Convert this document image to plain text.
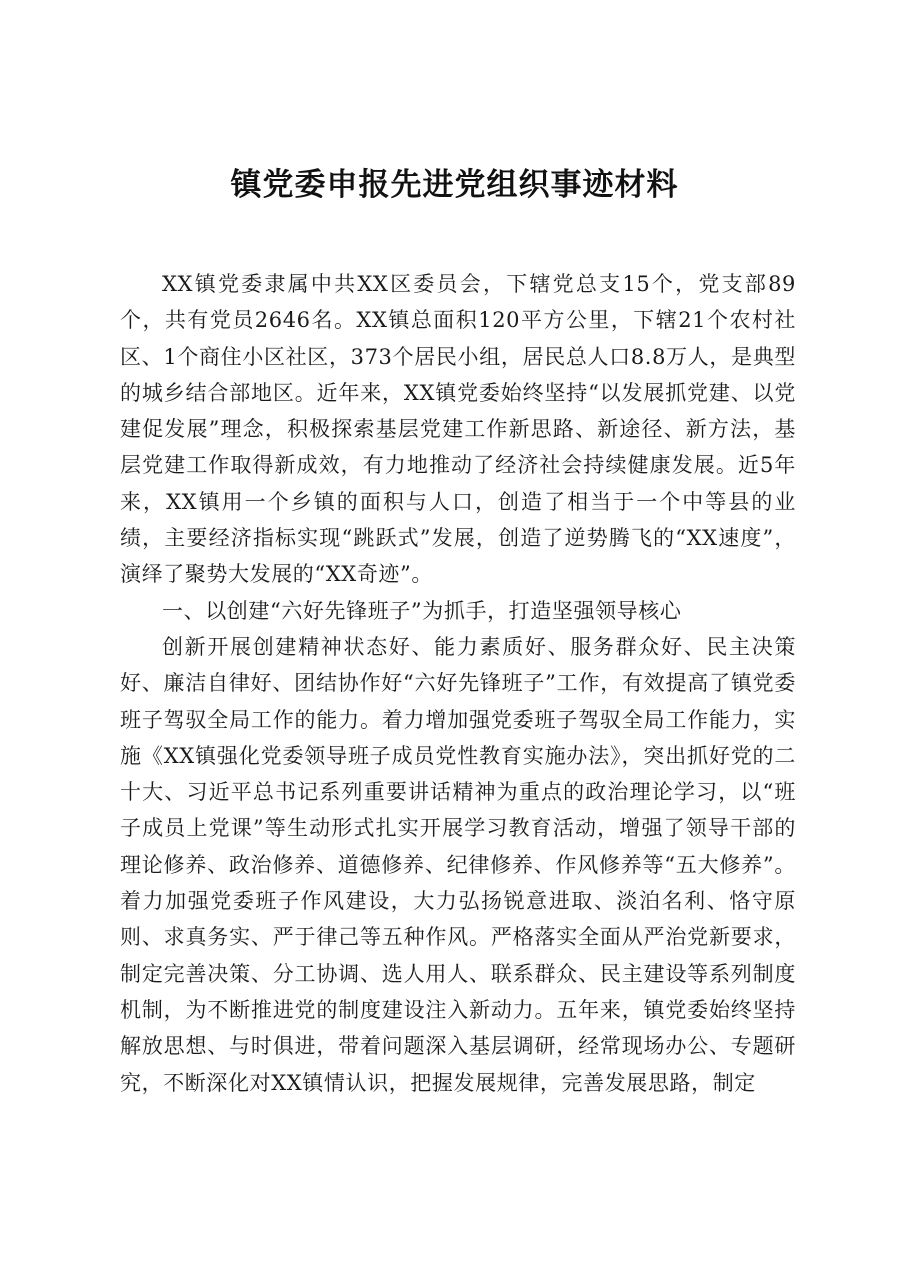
镇党委申报先进党组织事迹材料

XX镇党委隶属中共XX区委员会，下辖党总支15个，党支部89个，共有党员2646名。XX镇总面积120平方公里，下辖21个农村社区、1个商住小区社区，373个居民小组，居民总人口8.8万人，是典型的城乡结合部地区。近年来，XX镇党委始终坚持“以发展抓党建、以党建促发展”理念，积极探索基层党建工作新思路、新途径、新方法，基层党建工作取得新成效，有力地推动了经济社会持续健康发展。近5年来，XX镇用一个乡镇的面积与人口，创造了相当于一个中等县的业绩，主要经济指标实现“跳跃式”发展，创造了逆势腾飞的“XX速度”，演绎了聚势大发展的“XX奇迹”。

一、以创建“六好先锋班子”为抓手，打造坚强领导核心

创新开展创建精神状态好、能力素质好、服务群众好、民主决策好、廉洁自律好、团结协作好“六好先锋班子”工作，有效提高了镇党委班子驾驭全局工作的能力。着力增加强党委班子驾驭全局工作能力，实施《XX镇强化党委领导班子成员党性教育实施办法》，突出抓好党的二十大、习近平总书记系列重要讲话精神为重点的政治理论学习，以“班子成员上党课”等生动形式扎实开展学习教育活动，增强了领导干部的理论修养、政治修养、道德修养、纪律修养、作风修养等“五大修养”。着力加强党委班子作风建设，大力弘扬锐意进取、淡泊名利、恪守原则、求真务实、严于律己等五种作风。严格落实全面从严治党新要求，制定完善决策、分工协调、选人用人、联系群众、民主建设等系列制度机制，为不断推进党的制度建设注入新动力。五年来，镇党委始终坚持解放思想、与时俱进，带着问题深入基层调研，经常现场办公、专题研究，不断深化对XX镇情认识，把握发展规律，完善发展思路，制定
